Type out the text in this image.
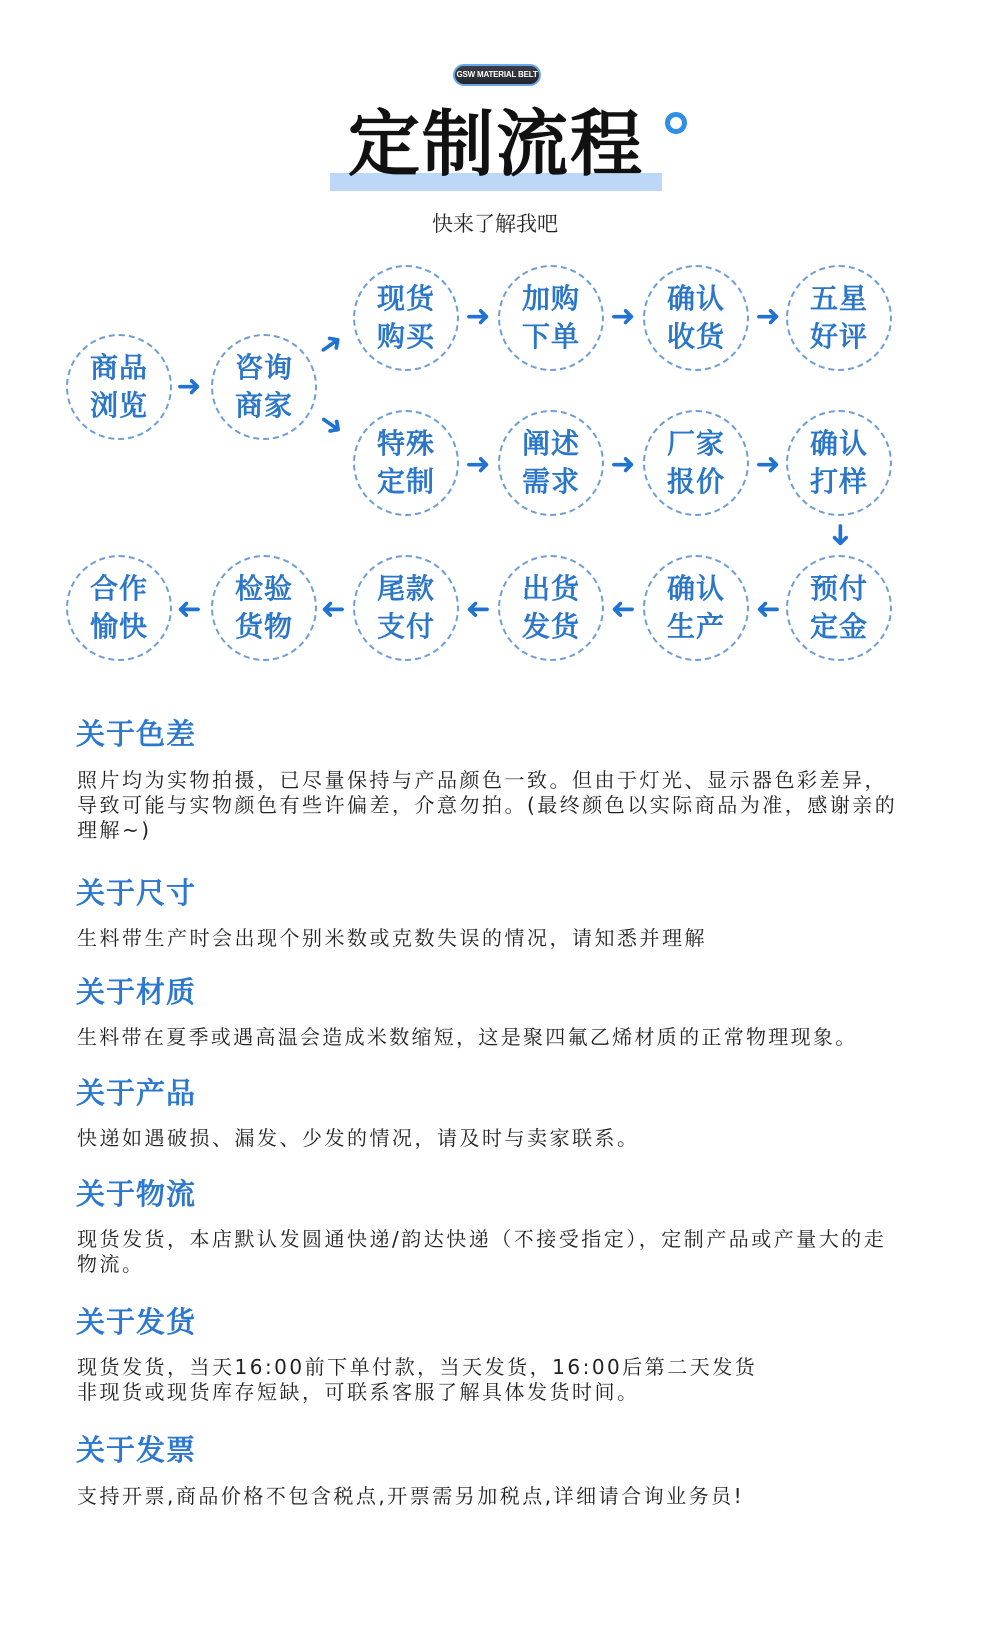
GSW MATERIAL BELT
定制流程
快来了解我吧
商品浏览
➜
咨询商家
➜
➜
现货购买
➜
加购下单
➜
确认收货
➜
五星好评
特殊定制 ➜
阐述需求 ➜
厂家报价 ➜
确认打样
➜
预付定金
➜
确认生产
➜
出货发货
➜
尾款支付
➜
检验货物
➜
合作愉快
关于色差

照片均为实物拍摄，已尽量保持与产品颜色一致。但由于灯光、显示器色彩差异，导致可能与实物颜色有些许偏差，介意勿拍。(最终颜色以实际商品为准，感谢亲的理解~)

关于尺寸

生料带生产时会出现个别米数或克数失误的情况，请知悉并理解

关于材质

生料带在夏季或遇高温会造成米数缩短，这是聚四氟乙烯材质的正常物理现象。

关于产品

快递如遇破损、漏发、少发的情况，请及时与卖家联系。

关于物流

现货发货，本店默认发圆通快递/韵达快递（不接受指定），定制产品或产量大的走物流。

关于发货

现货发货，当天16:00前下单付款，当天发货，16:00后第二天发货

非现货或现货库存短缺，可联系客服了解具体发货时间。

关于发票

支持开票,商品价格不包含税点,开票需另加税点,详细请合询业务员!
